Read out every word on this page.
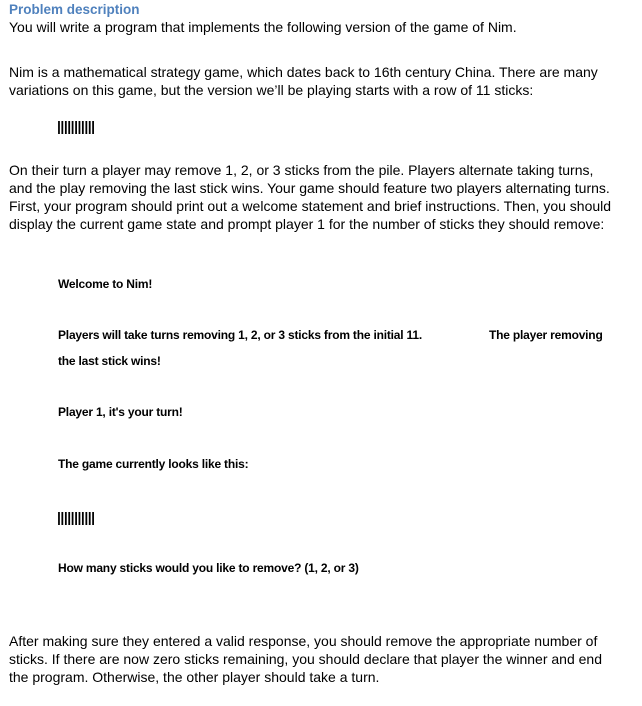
Problem description
You will write a program that implements the following version of the game of Nim.
Nim is a mathematical strategy game, which dates back to 16th century China. There are many
variations on this game, but the version we’ll be playing starts with a row of 11 sticks:
|||||||||||
On their turn a player may remove 1, 2, or 3 sticks from the pile. Players alternate taking turns,
and the play removing the last stick wins. Your game should feature two players alternating turns.
First, your program should print out a welcome statement and brief instructions. Then, you should
display the current game state and prompt player 1 for the number of sticks they should remove:
Welcome to Nim!
Players will take turns removing 1, 2, or 3 sticks from the initial 11.	The player removing
the last stick wins!
Player 1, it's your turn!
The game currently looks like this:
|||||||||||
How many sticks would you like to remove? (1, 2, or 3)
After making sure they entered a valid response, you should remove the appropriate number of
sticks. If there are now zero sticks remaining, you should declare that player the winner and end
the program. Otherwise, the other player should take a turn.
